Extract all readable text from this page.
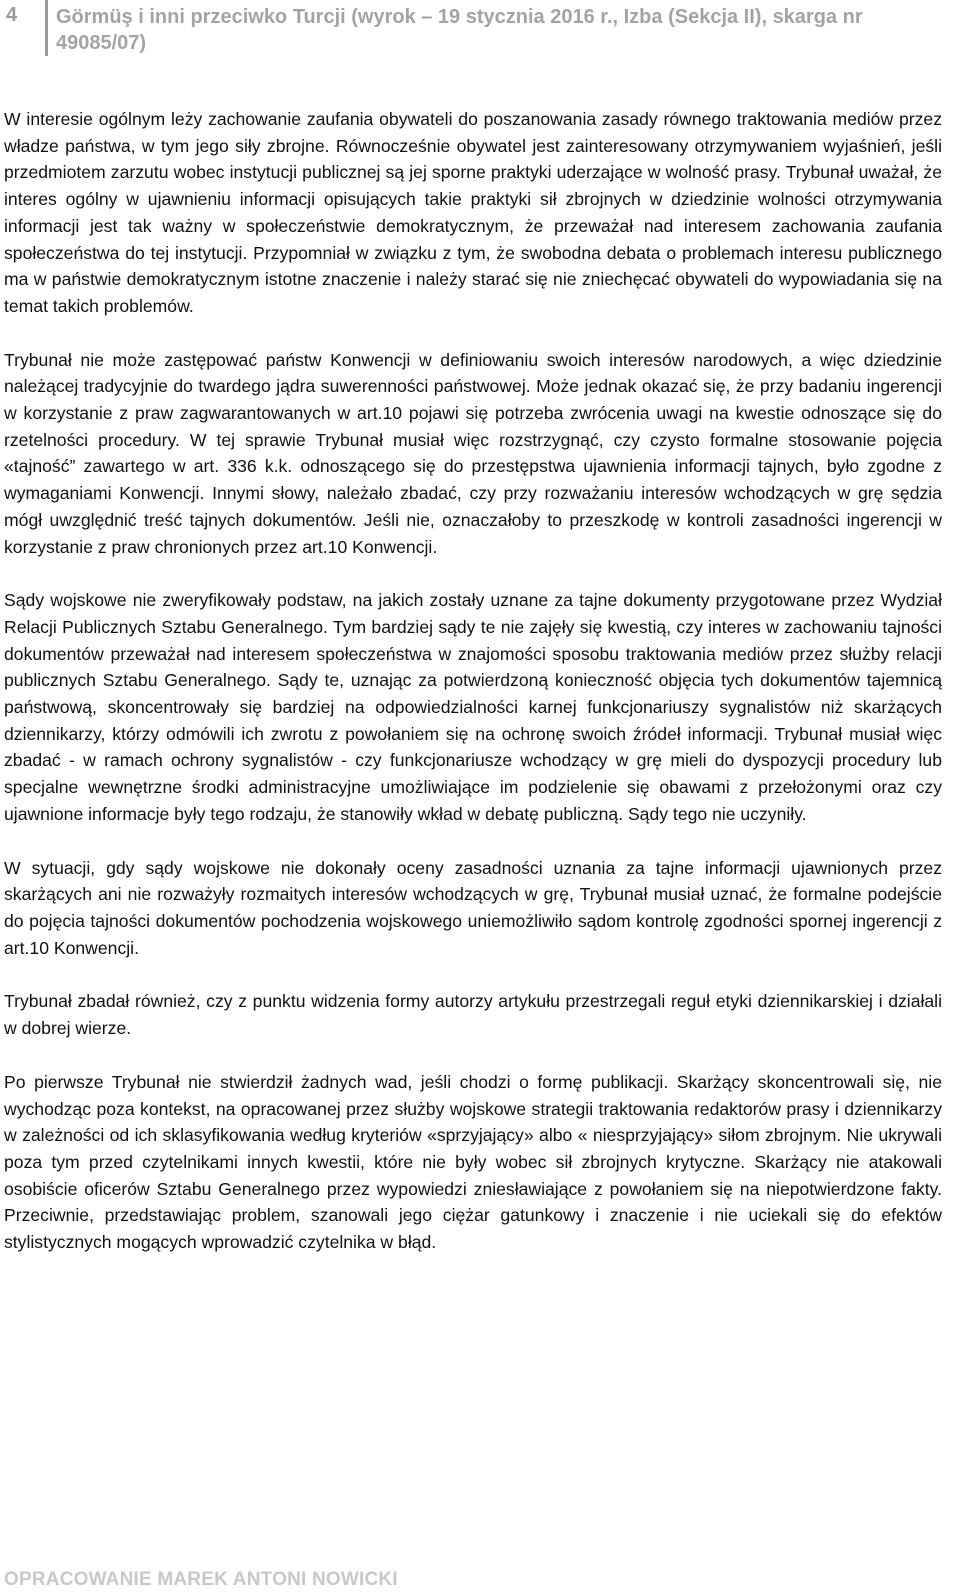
4 Görmüş i inni przeciwko Turcji (wyrok – 19 stycznia 2016 r., Izba (Sekcja II), skarga nr 49085/07)

W interesie ogólnym leży zachowanie zaufania obywateli do poszanowania zasady równego traktowania mediów przez władze państwa, w tym jego siły zbrojne. Równocześnie obywatel jest zainteresowany otrzymywaniem wyjaśnień, jeśli przedmiotem zarzutu wobec instytucji publicznej są jej sporne praktyki uderzające w wolność prasy. Trybunał uważał, że interes ogólny w ujawnieniu informacji opisujących takie praktyki sił zbrojnych w dziedzinie wolności otrzymywania informacji jest tak ważny w społeczeństwie demokratycznym, że przeważał nad interesem zachowania zaufania społeczeństwa do tej instytucji. Przypomniał w związku z tym, że swobodna debata o problemach interesu publicznego ma w państwie demokratycznym istotne znaczenie i należy starać się nie zniechęcać obywateli do wypowiadania się na temat takich problemów.

Trybunał nie może zastępować państw Konwencji w definiowaniu swoich interesów narodowych, a więc dziedzinie należącej tradycyjnie do twardego jądra suwerenności państwowej. Może jednak okazać się, że przy badaniu ingerencji w korzystanie z praw zagwarantowanych w art.10 pojawi się potrzeba zwrócenia uwagi na kwestie odnoszące się do rzetelności procedury. W tej sprawie Trybunał musiał więc rozstrzygnąć, czy czysto formalne stosowanie pojęcia «tajność” zawartego w art. 336 k.k. odnoszącego się do przestępstwa ujawnienia informacji tajnych, było zgodne z wymaganiami Konwencji. Innymi słowy, należało zbadać, czy przy rozważaniu interesów wchodzących w grę sędzia mógł uwzględnić treść tajnych dokumentów. Jeśli nie, oznaczałoby to przeszkodę w kontroli zasadności ingerencji w korzystanie z praw chronionych przez art.10 Konwencji.

Sądy wojskowe nie zweryfikowały podstaw, na jakich zostały uznane za tajne dokumenty przygotowane przez Wydział Relacji Publicznych Sztabu Generalnego. Tym bardziej sądy te nie zajęły się kwestią, czy interes w zachowaniu tajności dokumentów przeważał nad interesem społeczeństwa w znajomości sposobu traktowania mediów przez służby relacji publicznych Sztabu Generalnego. Sądy te, uznając za potwierdzoną konieczność objęcia tych dokumentów tajemnicą państwową, skoncentrowały się bardziej na odpowiedzialności karnej funkcjonariuszy sygnalistów niż skarżących dziennikarzy, którzy odmówili ich zwrotu z powołaniem się na ochronę swoich źródeł informacji. Trybunał musiał więc zbadać - w ramach ochrony sygnalistów - czy funkcjonariusze wchodzący w grę mieli do dyspozycji procedury lub specjalne wewnętrzne środki administracyjne umożliwiające im podzielenie się obawami z przełożonymi oraz czy ujawnione informacje były tego rodzaju, że stanowiły wkład w debatę publiczną. Sądy tego nie uczyniły.

W sytuacji, gdy sądy wojskowe nie dokonały oceny zasadności uznania za tajne informacji ujawnionych przez skarżących ani nie rozważyły rozmaitych interesów wchodzących w grę, Trybunał musiał uznać, że formalne podejście do pojęcia tajności dokumentów pochodzenia wojskowego uniemożliwiło sądom kontrolę zgodności spornej ingerencji z art.10 Konwencji.

Trybunał zbadał również, czy z punktu widzenia formy autorzy artykułu przestrzegali reguł etyki dziennikarskiej i działali w dobrej wierze.

Po pierwsze Trybunał nie stwierdził żadnych wad, jeśli chodzi o formę publikacji. Skarżący skoncentrowali się, nie wychodząc poza kontekst, na opracowanej przez służby wojskowe strategii traktowania redaktorów prasy i dziennikarzy w zależności od ich sklasyfikowania według kryteriów «sprzyjający» albo « niesprzyjający» siłom zbrojnym. Nie ukrywali poza tym przed czytelnikami innych kwestii, które nie były wobec sił zbrojnych krytyczne. Skarżący nie atakowali osobiście oficerów Sztabu Generalnego przez wypowiedzi zniesławiające z powołaniem się na niepotwierdzone fakty. Przeciwnie, przedstawiając problem, szanowali jego ciężar gatunkowy i znaczenie i nie uciekali się do efektów stylistycznych mogących wprowadzić czytelnika w błąd.

OPRACOWANIE MAREK ANTONI NOWICKI
